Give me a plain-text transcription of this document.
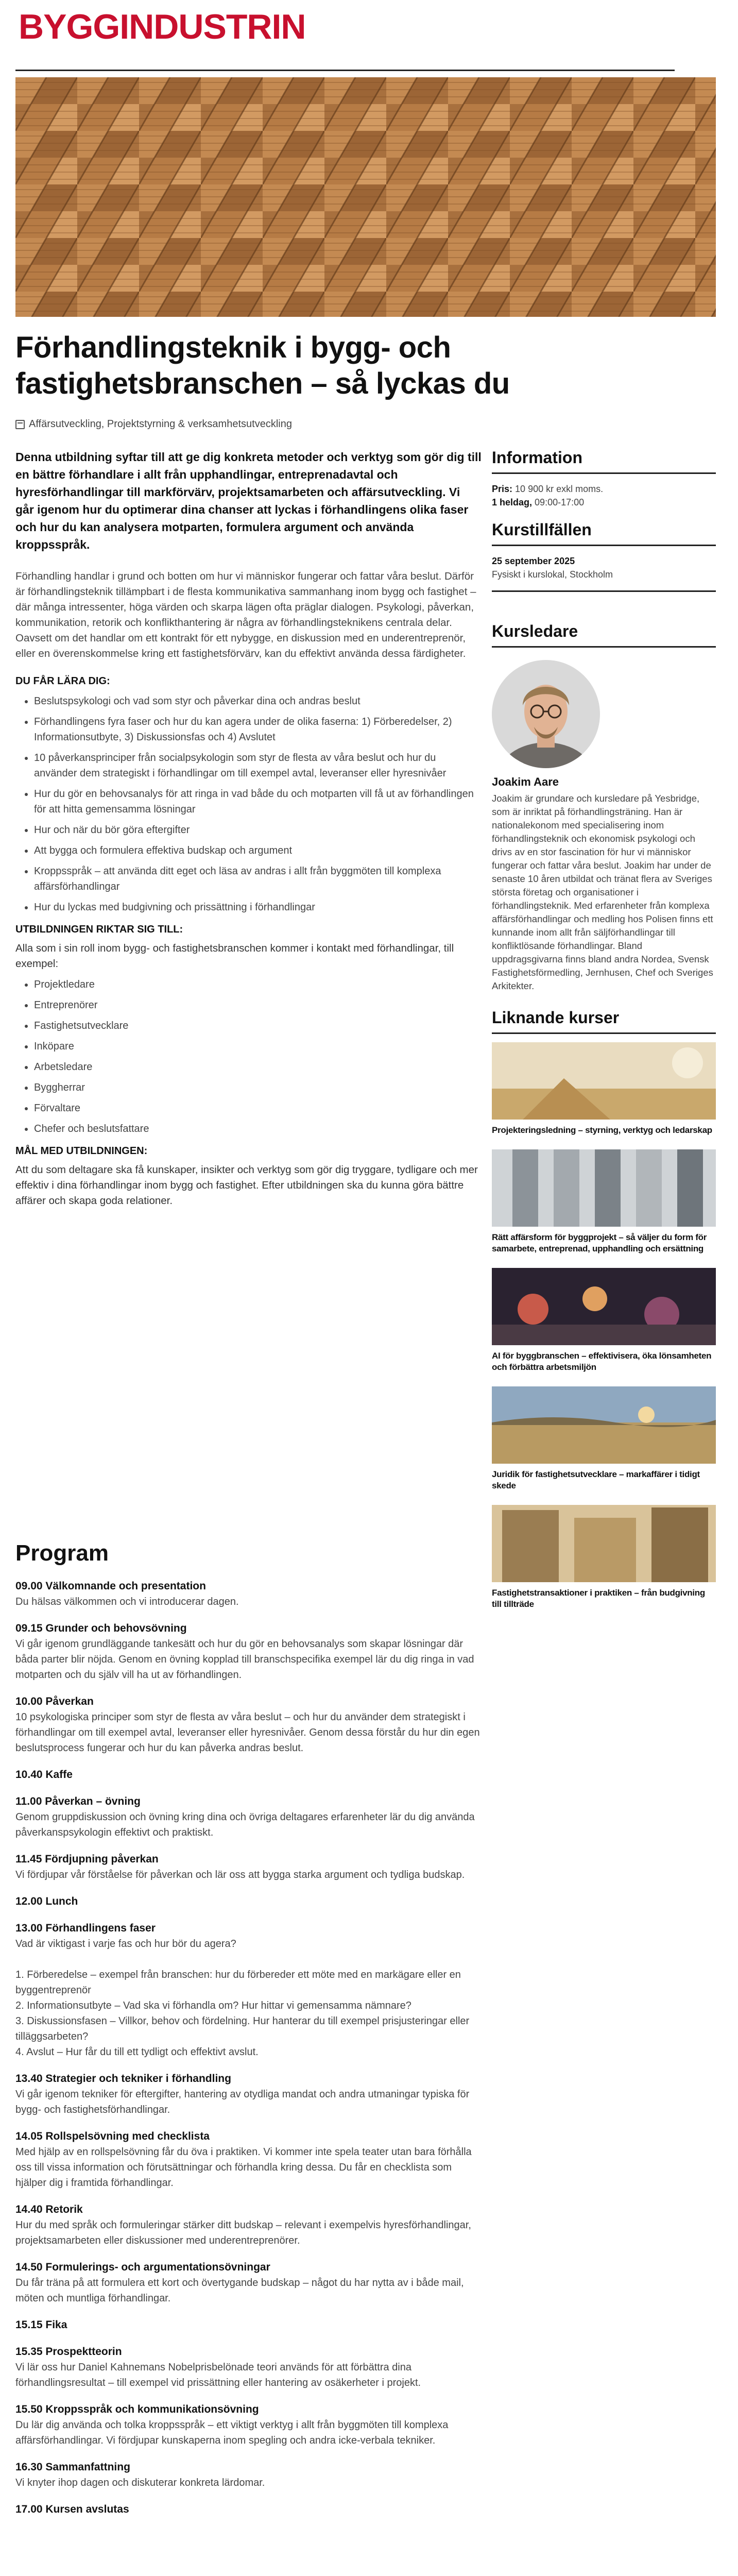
BYGGINDUSTRIN
Förhandlingsteknik i bygg- och fastighetsbranschen – så lyckas du
Affärsutveckling, Projektstyrning & verksamhetsutveckling

Denna utbildning syftar till att ge dig konkreta metoder och verktyg som gör dig till en bättre förhandlare i allt från upphandlingar, entreprenadavtal och hyresförhandlingar till markförvärv, projektsamarbeten och affärsutveckling. Vi går igenom hur du optimerar dina chanser att lyckas i förhandlingens olika faser och hur du kan analysera motparten, formulera argument och använda kroppsspråk.

Förhandling handlar i grund och botten om hur vi människor fungerar och fattar våra beslut. Därför är förhandlingsteknik tillämpbart i de flesta kommunikativa sammanhang inom bygg och fastighet – där många intressenter, höga värden och skarpa lägen ofta präglar dialogen. Psykologi, påverkan, kommunikation, retorik och konflikthantering är några av förhandlingsteknikens centrala delar. Oavsett om det handlar om ett kontrakt för ett nybygge, en diskussion med en underentreprenör, eller en överenskommelse kring ett fastighetsförvärv, kan du effektivt använda dessa färdigheter.

DU FÅR LÄRA DIG:
• Beslutspsykologi och vad som styr och påverkar dina och andras beslut
• Förhandlingens fyra faser och hur du kan agera under de olika faserna: 1) Förberedelser, 2) Informationsutbyte, 3) Diskussionsfas och 4) Avslutet
• 10 påverkansprinciper från socialpsykologin som styr de flesta av våra beslut och hur du använder dem strategiskt i förhandlingar om till exempel avtal, leveranser eller hyresnivåer
• Hur du gör en behovsanalys för att ringa in vad både du och motparten vill få ut av förhandlingen för att hitta gemensamma lösningar
• Hur och när du bör göra eftergifter
• Att bygga och formulera effektiva budskap och argument
• Kroppsspråk – att använda ditt eget och läsa av andras i allt från byggmöten till komplexa affärsförhandlingar
• Hur du lyckas med budgivning och prissättning i förhandlingar
UTBILDNINGEN RIKTAR SIG TILL:

Alla som i sin roll inom bygg- och fastighetsbranschen kommer i kontakt med förhandlingar, till exempel:

• Projektledare
• Entreprenörer
• Fastighetsutvecklare
• Inköpare
• Arbetsledare
• Byggherrar
• Förvaltare
• Chefer och beslutsfattare
MÅL MED UTBILDNINGEN:

Att du som deltagare ska få kunskaper, insikter och verktyg som gör dig tryggare, tydligare och mer effektiv i dina förhandlingar inom bygg och fastighet. Efter utbildningen ska du kunna göra bättre affärer och skapa goda relationer.

Information

Pris: 10 900 kr exkl moms.

1 heldag, 09:00-17:00

Kurstillfällen

25 september 2025

Fysiskt i kurslokal, Stockholm

Kursledare

Joakim Aare

Joakim är grundare och kursledare på Yesbridge, som är inriktat på förhandlingsträning. Han är nationalekonom med specialisering inom förhandlingsteknik och ekonomisk psykologi och drivs av en stor fascination för hur vi människor fungerar och fattar våra beslut. Joakim har under de senaste 10 åren utbildat och tränat flera av Sveriges största företag och organisationer i förhandlingsteknik. Med erfarenheter från komplexa affärsförhandlingar och medling hos Polisen finns ett kunnande inom allt från säljförhandlingar till konfliktlösande förhandlingar. Bland uppdragsgivarna finns bland andra Nordea, Svensk Fastighetsförmedling, Jernhusen, Chef och Sveriges Arkitekter.

Liknande kurser

Projekteringsledning – styrning, verktyg och ledarskap

Rätt affärsform för byggprojekt – så väljer du form för samarbete, entreprenad, upphandling och ersättning

AI för byggbranschen – effektivisera, öka lönsamheten och förbättra arbetsmiljön

Juridik för fastighetsutvecklare – markaffärer i tidigt skede

Fastighetstransaktioner i praktiken – från budgivning till tillträde

Program

09.00 Välkomnande och presentation

Du hälsas välkommen och vi introducerar dagen.

09.15 Grunder och behovsövning

Vi går igenom grundläggande tankesätt och hur du gör en behovsanalys som skapar lösningar där båda parter blir nöjda. Genom en övning kopplad till branschspecifika exempel lär du dig ringa in vad motparten och du själv vill ha ut av förhandlingen.

10.00 Påverkan

10 psykologiska principer som styr de flesta av våra beslut – och hur du använder dem strategiskt i förhandlingar om till exempel avtal, leveranser eller hyresnivåer. Genom dessa förstår du hur din egen beslutsprocess fungerar och hur du kan påverka andras beslut.

10.40 Kaffe

11.00 Påverkan – övning

Genom gruppdiskussion och övning kring dina och övriga deltagares erfarenheter lär du dig använda påverkanspsykologin effektivt och praktiskt.

11.45 Fördjupning påverkan

Vi fördjupar vår förståelse för påverkan och lär oss att bygga starka argument och tydliga budskap.

12.00 Lunch

13.00 Förhandlingens faser

Vad är viktigast i varje fas och hur bör du agera?

1. Förberedelse – exempel från branschen: hur du förbereder ett möte med en markägare eller en byggentreprenör
2. Informationsutbyte – Vad ska vi förhandla om? Hur hittar vi gemensamma nämnare?
3. Diskussionsfasen – Villkor, behov och fördelning. Hur hanterar du till exempel prisjusteringar eller tilläggsarbeten?
4. Avslut – Hur får du till ett tydligt och effektivt avslut.

13.40 Strategier och tekniker i förhandling

Vi går igenom tekniker för eftergifter, hantering av otydliga mandat och andra utmaningar typiska för bygg- och fastighetsförhandlingar.

14.05 Rollspelsövning med checklista

Med hjälp av en rollspelsövning får du öva i praktiken. Vi kommer inte spela teater utan bara förhålla oss till vissa information och förutsättningar och förhandla kring dessa. Du får en checklista som hjälper dig i framtida förhandlingar.

14.40 Retorik

Hur du med språk och formuleringar stärker ditt budskap – relevant i exempelvis hyresförhandlingar, projektsamarbeten eller diskussioner med underentreprenörer.

14.50 Formulerings- och argumentationsövningar

Du får träna på att formulera ett kort och övertygande budskap – något du har nytta av i både mail, möten och muntliga förhandlingar.

15.15 Fika

15.35 Prospektteorin

Vi lär oss hur Daniel Kahnemans Nobelprisbelönade teori används för att förbättra dina förhandlingsresultat – till exempel vid prissättning eller hantering av osäkerheter i projekt.

15.50 Kroppsspråk och kommunikationsövning

Du lär dig använda och tolka kroppsspråk – ett viktigt verktyg i allt från byggmöten till komplexa affärsförhandlingar. Vi fördjupar kunskaperna inom spegling och andra icke-verbala tekniker.

16.30 Sammanfattning

Vi knyter ihop dagen och diskuterar konkreta lärdomar.

17.00 Kursen avslutas
